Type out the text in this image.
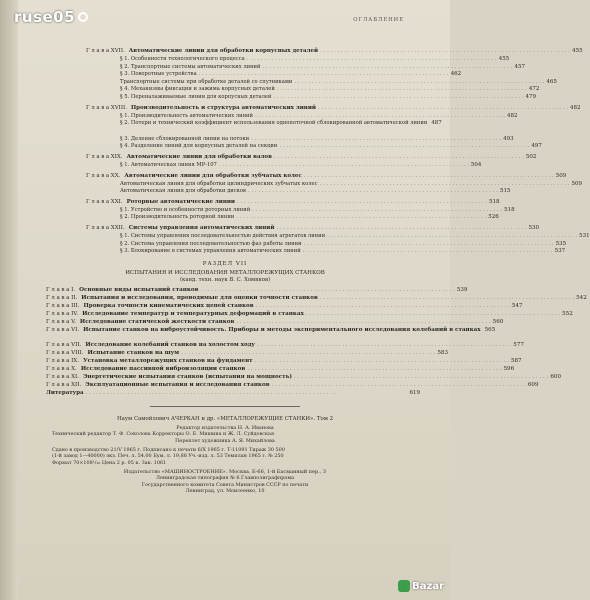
ruse05	ОГЛАВЛЕНИЕ
Глава XVII. Автоматические линии для обработки корпусных деталей . . .	455
§ 1. Особенности технологического процесса . . .	455
§ 2. Транспортные системы автоматических линий . . .	457
§ 3. Поворотные устройства . . .	462
Транспортные системы при обработке деталей со спутниками . . .	465
§ 4. Механизмы фиксации и зажима корпусных деталей . . .	472
§ 5. Переналаживаемые линии для корпусных деталей . . .	479
Глава XVIII. Производительность и структура автоматических линий . . .	482
§ 1. Производительность автоматических линий . . .	482
§ 2. Потери и технический коэффициент использования однопоточной сблокированной автоматической линии 487
§ 3. Деление сблокированной линии на потоки . . .	493
§ 4. Разделение линий для корпусных деталей на секции . . .	497
Глава XIX. Автоматические линии для обработки валов . . .	502
§ 1. Автоматическая линия МР-107 . . .	504
Глава XX. Автоматические линии для обработки зубчатых колес . . .	509
Автоматическая линия для обработки цилиндрических зубчатых колес . . .	509
Автоматическая линия для обработки дисков . . .	515
Глава XXI. Роторные автоматические линии . . .	518
§ 1. Устройство и особенности роторных линий . . .	518
§ 2. Производительность роторной линии . . .	526
Глава XXII. Системы управления автоматических линий . . .	530
§ 1. Системы управления последовательностью действия агрегатов линии . . .	531
§ 2. Система управления последовательностью фаз работы линии . . .	535
§ 3. Блокирование в системах управления автоматических линий . . .	537
РАЗДЕЛ VII
ИСПЫТАНИЯ И ИССЛЕДОВАНИЯ МЕТАЛЛОРЕЖУЩИХ СТАНКОВ
(канд. техн. наук В. С. Хомяков)
Глава I. Основные виды испытаний станков . . .	539
Глава II. Испытания и исследования, проводимые для оценки точности станков . . .	542
Глава III. Проверка точности кинематических цепей станков . . .	547
Глава IV. Исследование температур и температурных деформаций в станках . . .	552
Глава V. Исследование статической жесткости станков . . .	560
Глава VI. Испытание станков на виброустойчивость. Приборы и методы экспериментального исследования колебаний в станках 565
Глава VII. Исследование колебаний станков на холостом ходу . . .	577
Глава VIII. Испытание станков на шум . . .	583
Глава IX. Установка металлорежущих станков на фундамент . . .	587
Глава X. Исследование пассивной виброизоляции станков . . .	596
Глава XI. Энергетические испытания станков (испытания на мощность) . . .	600
Глава XII. Эксплуатационные испытания и исследования станков . . .	609
Литература . . .	619
Наум Самойлович АЧЕРКАН и др. «МЕТАЛЛОРЕЖУЩИЕ СТАНКИ». Том 2
Редактор издательства Н. А. Иванова
Технический редактор Т. Ф. Соколова Корректоры О. Е. Мишина и Ж. Л. Суйдовская
Переплет художника А. Я. Михайлова
Сдано в производство 21/V 1965 г. Подписано к печати 6/X 1965 г. Т-11091 Тираж 30 500
(1-й завод 1—40000) экз. Печ. л. 54,00 Бум. л. 19,88 Уч.-изд. л. 53 Темплан 1965 г. № 250
Формат 70×108¹/₁₆ Цена 2 р. 05 к. Зак. 1061
Издательство «МАШИНОСТРОЕНИЕ». Москва, Б-66, 1-й Басманный пер., 3
Ленинградская типография № 6 Главполиграфпрома
Государственного комитета Совета Министров СССР по печати
Ленинград, ул. Моисеенко, 10
Bazar
